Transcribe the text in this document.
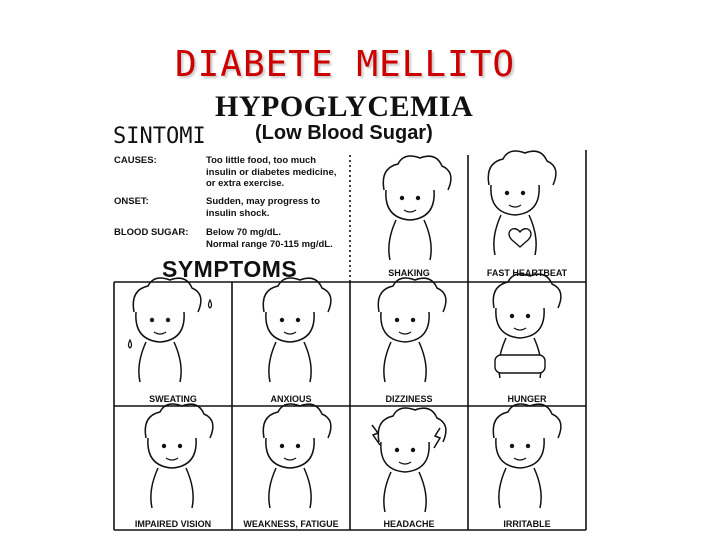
DIABETE MELLITO
HYPOGLYCEMIA
SINTOMI (Low Blood Sugar)
CAUSES:	Too little food, too much
insulin or diabetes medicine,
or extra exercise.
ONSET:	Sudden, may progress to
insulin shock.
BLOOD SUGAR: Below 70 mg/dL.
Normal range 70-115 mg/dL.
SYMPTOMS	SHAKING	FAST HEARTBEAT
SWEATING	ANXIOUS	DIZZINESS	HUNGER
IMPAIRED VISION	WEAKNESS, FATIGUE	HEADACHE	IRRITABLE
